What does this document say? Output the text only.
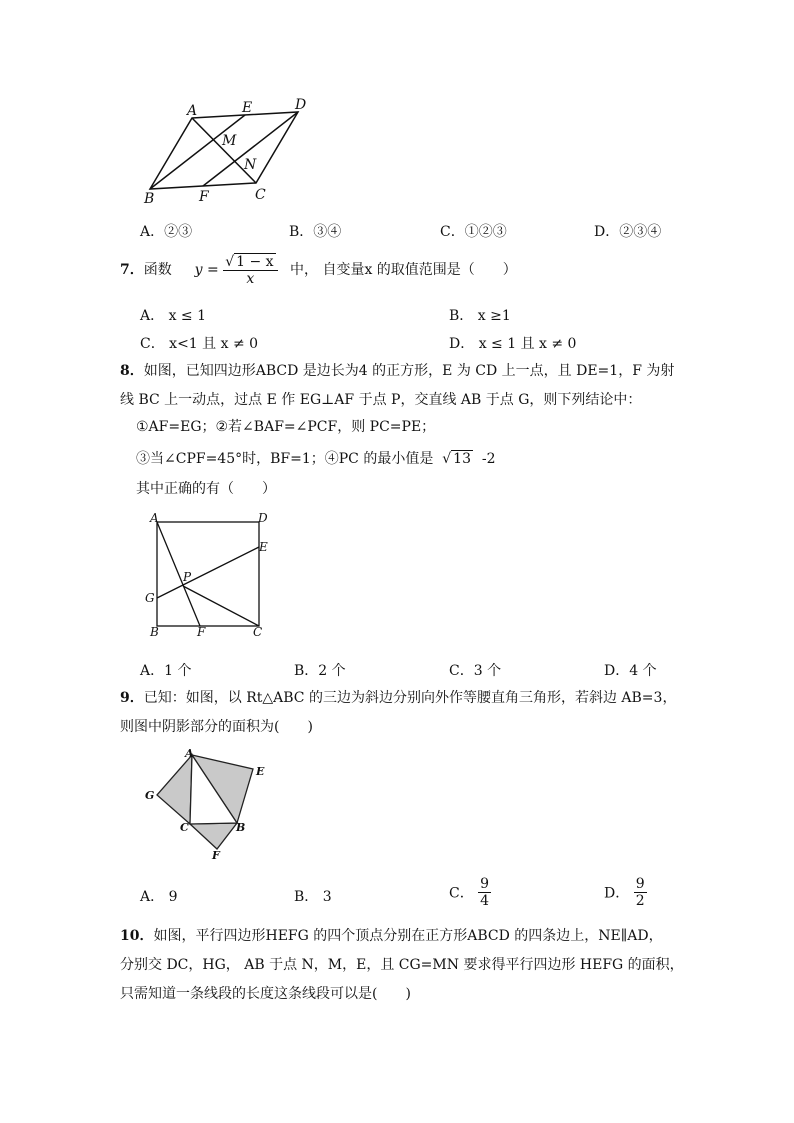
A	E	D
M
N
B	F	C
A．②③	B．③④	C．①②③	D．②③④
7．函数 $y = \frac{√ 1 - x}{x}$ 中， 自变量x 的取值范围是（　　）
A． x ≤ 1	B． x ≥1
C． x<1 且 x ≠ 0	D． x ≤ 1 且 x ≠ 0
8．如图，已知四边形ABCD 是边长为4 的正方形，E 为 CD 上一点，且 DE=1，F 为射
线 BC 上一动点，过点 E 作 EG⊥AF 于点 P，交直线 AB 于点 G，则下列结论中：
①AF=EG；②若∠BAF=∠PCF，则 PC=PE；
③当∠CPF=45°时，BF=1；④PC 的最小值是  √ 13 -2
其中正确的有（　　）
A	D
E
P
G
B	F	C
A．1 个	B．2 个	C．3 个	D．4 个
9．已知：如图，以 Rt△ABC 的三边为斜边分别向外作等腰直角三角形，若斜边 AB=3，
则图中阴影部分的面积为(　　)
A
E
G
C	B
F
A． 9	B． 3	C． $\frac{9}{4}$	D． $\frac{9}{2}$
10．如图，平行四边形HEFG 的四个顶点分别在正方形ABCD 的四条边上，NE∥AD，
分别交 DC，HG， AB 于点 N，M，E，且 CG=MN 要求得平行四边形 HEFG 的面积，
只需知道一条线段的长度这条线段可以是(　　)
